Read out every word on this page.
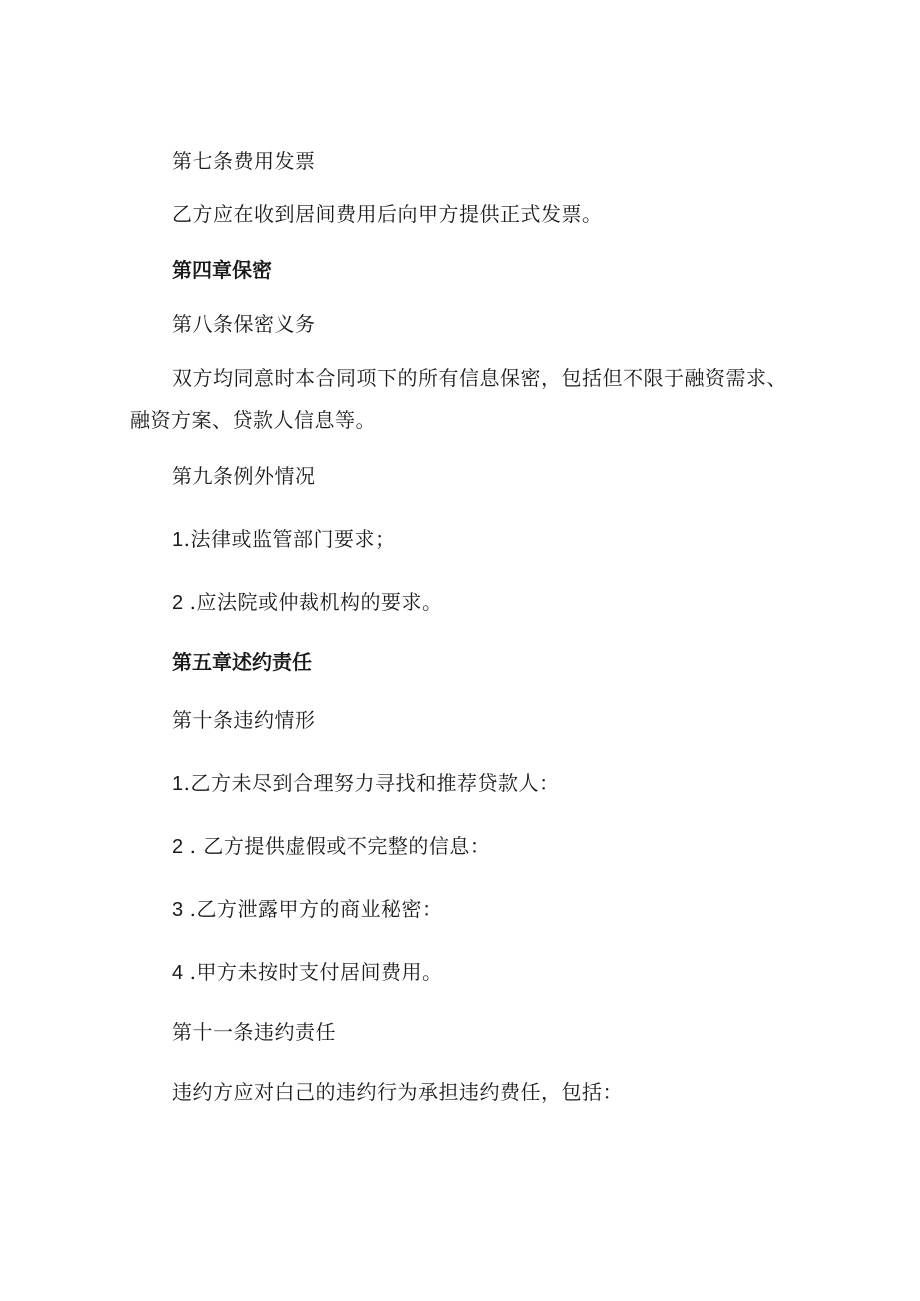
第七条费用发票

乙方应在收到居间费用后向甲方提供正式发票。

第四章保密

第八条保密义务

双方均同意时本合同项下的所有信息保密，包括但不限于融资需求、

融资方案、贷款人信息等。

第九条例外情况

1.法律或监管部门要求；

2 .应法院或仲裁机构的要求。

第五章述约责任

第十条违约情形

1.乙方未尽到合理努力寻找和推荐贷款人：

2 . 乙方提供虚假或不完整的信息：

3 .乙方泄露甲方的商业秘密：

4 .甲方未按时支付居间费用。

第十一条违约责任

违约方应对白己的违约行为承担违约费任，包括：
